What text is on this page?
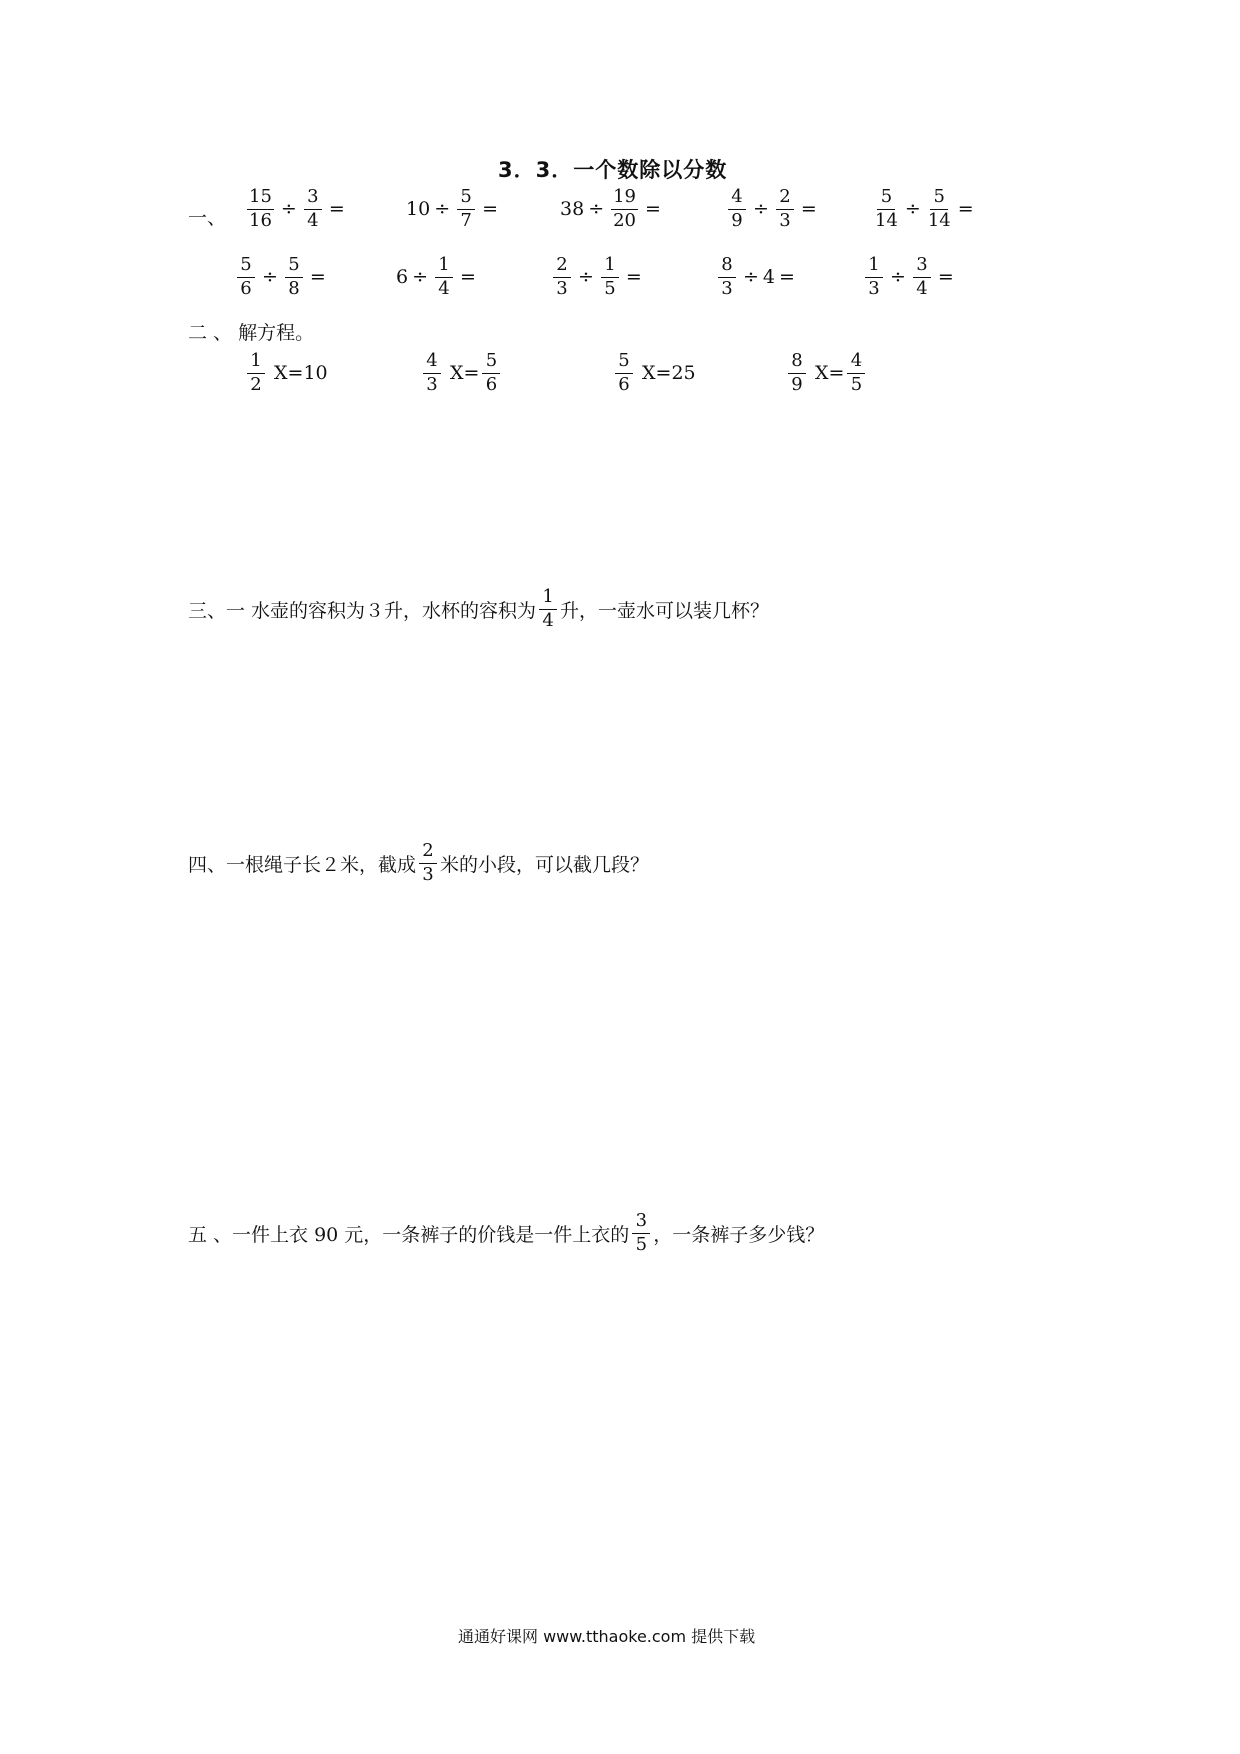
3．3．一个数除以分数
一、 $\frac{15}{16} \div \frac{3}{4}$ =	$10 \div \frac{5}{7}$ =	$38 \div \frac{19}{20}$ =	$\frac{4}{9} \div \frac{2}{3}$ =	$\frac{5}{14} \div \frac{5}{14}$ =
$\frac{5}{6} \div \frac{5}{8}$ =	$6 \div \frac{1}{4}$ =	$\frac{2}{3} \div \frac{1}{5}$ =	$\frac{8}{3} \div 4$ =	$\frac{1}{3} \div \frac{3}{4}$ =
二 、 解方程。
$\frac{1}{2} X= 10$	$\frac{4}{3} X= \frac{5}{6}$	$\frac{5}{6} X= 25$	$\frac{8}{9} X= \frac{4}{5}$
三、一 水壶的容积为３升，水杯的容积为 $\frac{1}{4}$ 升，一壶水可以装几杯？
四、一根绳子长２米，截成 $\frac{2}{3}$ 米的小段，可以截几段？
五 、一件上衣 90 元，一条裤子的价钱是一件上衣的 $\frac{3}{5}$ ，一条裤子多少钱？
通通好课网 www.tthaoke.com 提供下载
